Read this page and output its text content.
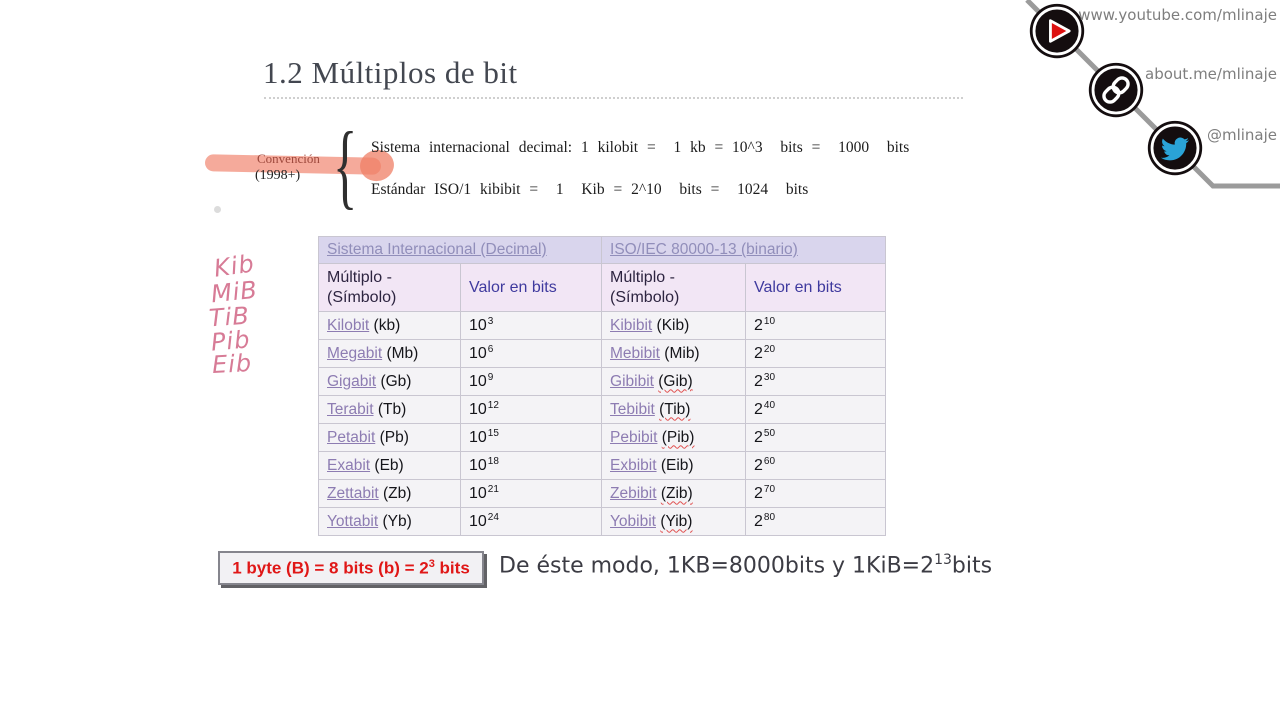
1.2 Múltiplos de bit
Convención
(1998+) { Sistema internacional decimal: 1 kilobit =  1 kb = 10^3  bits =  1000  bits
Estándar ISO/1 kibibit =  1  Kib = 2^10  bits =  1024  bits
Kib
MiB
TiB
Pib
Eib
Sistema Internacional (Decimal)		ISO/IEC 80000-13 (binario)	
Múltiplo - (Símbolo)	Valor en bits	Múltiplo - (Símbolo)	Valor en bits
Kilobit (kb)	$10^3$	Kibibit (Kib)	$2^{10}$
Megabit (Mb)	$10^6$	Mebibit (Mib)	$2^{20}$
Gigabit (Gb)	$10^9$	Gibibit (Gib)	$2^{30}$
Terabit (Tb)	$10^{12}$	Tebibit (Tib)	$2^{40}$
Petabit (Pb)	$10^{15}$	Pebibit (Pib)	$2^{50}$
Exabit (Eb)	$10^{18}$	Exbibit (Eib)	$2^{60}$
Zettabit (Zb)	$10^{21}$	Zebibit (Zib)	$2^{70}$
Yottabit (Yb)	$10^{24}$	Yobibit (Yib)	$2^{80}$
1 byte (B) = 8 bits $(b) = 2^3$ bits De éste modo, 1KB=8000bits y $1KiB=2^{13}bits$
www.youtube.com/mlinaje
about.me/mlinaje
@mlinaje
